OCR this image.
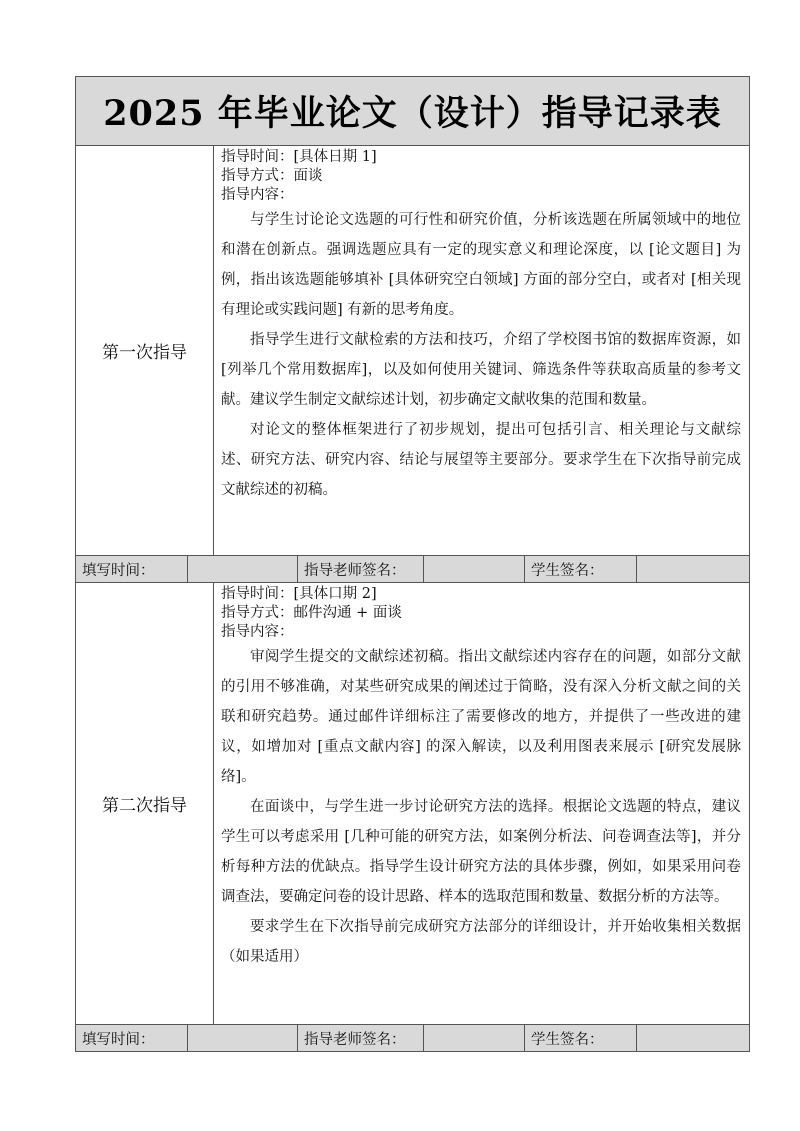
2025 年毕业论文（设计）指导记录表						
第一次指导	
指导时间：[具体日期 1]
指导方式：面谈
指导内容：

与学生讨论论文选题的可行性和研究价值，分析该选题在所属领域中的地位和潜在创新点。强调选题应具有一定的现实意义和理论深度，以 [论文题目] 为例，指出该选题能够填补 [具体研究空白领域] 方面的部分空白，或者对 [相关现有理论或实践问题] 有新的思考角度。

指导学生进行文献检索的方法和技巧，介绍了学校图书馆的数据库资源，如 [列举几个常用数据库]，以及如何使用关键词、筛选条件等获取高质量的参考文献。建议学生制定文献综述计划，初步确定文献收集的范围和数量。

对论文的整体框架进行了初步规划，提出可包括引言、相关理论与文献综述、研究方法、研究内容、结论与展望等主要部分。要求学生在下次指导前完成文献综述的初稿。

填写时间：			指导老师签名：		学生签名：	
第二次指导	
指导时间：[具体口期 2]
指导方式：邮件沟通 + 面谈
指导内容：

审阅学生提交的文献综述初稿。指出文献综述内容存在的问题，如部分文献的引用不够准确，对某些研究成果的阐述过于简略，没有深入分析文献之间的关联和研究趋势。通过邮件详细标注了需要修改的地方，并提供了一些改进的建议，如增加对 [重点文献内容] 的深入解读，以及利用图表来展示 [研究发展脉络]。

在面谈中，与学生进一步讨论研究方法的选择。根据论文选题的特点，建议学生可以考虑采用 [几种可能的研究方法，如案例分析法、问卷调查法等]，并分析每种方法的优缺点。指导学生设计研究方法的具体步骤，例如，如果采用问卷调查法，要确定问卷的设计思路、样本的选取范围和数量、数据分析的方法等。

要求学生在下次指导前完成研究方法部分的详细设计，并开始收集相关数据（如果适用）

填写时间：			指导老师签名：		学生签名：	
